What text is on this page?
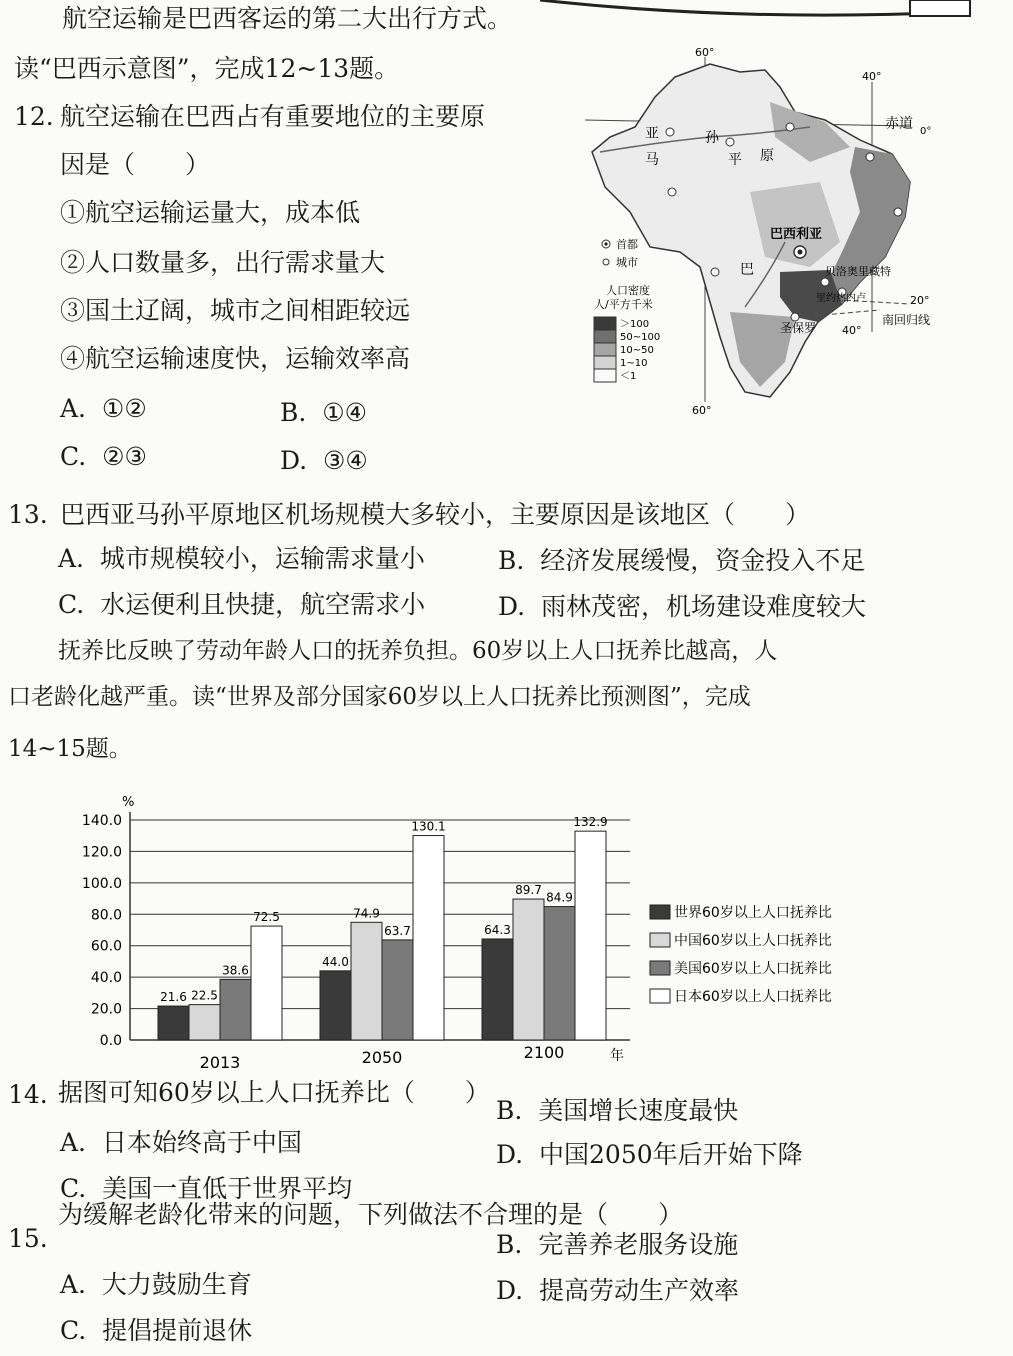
航空运输是巴西客运的第二大出行方式。
读“巴西示意图”，完成12~13题。
12. 航空运输在巴西占有重要地位的主要原
因是（　　）
①航空运输运量大，成本低
②人口数量多，出行需求量大
③国土辽阔，城市之间相距较远
④航空运输速度快，运输效率高
A. ①②	B. ①④
C. ②③	D. ③④
60°
40°
赤道 0°
亚
马
孙
平 原
巴西利亚
巴	贝洛奥里藏特
里约热内卢
圣保罗
20°
南回归线
40°
60°
首都
城市
人口密度
人/平方千米
＞100
50~100
10~50
1~10
＜1
13. 巴西亚马孙平原地区机场规模大多较小，主要原因是该地区（　　）
A. 城市规模较小，运输需求量小	B. 经济发展缓慢，资金投入不足
C. 水运便利且快捷，航空需求小	D. 雨林茂密，机场建设难度较大
抚养比反映了劳动年龄人口的抚养负担。60岁以上人口抚养比越高，人
口老龄化越严重。读“世界及部分国家60岁以上人口抚养比预测图”，完成
14~15题。
0.0
20.0
40.0
60.0
80.0
100.0
120.0
140.0
%
年
21.6 22.5
38.6
72.5
2013
44.0
74.9
63.7
130.1
2050
64.3
89.7
84.9
132.9
2100
世界60岁以上人口抚养比
中国60岁以上人口抚养比
美国60岁以上人口抚养比
日本60岁以上人口抚养比
14. 据图可知60岁以上人口抚养比（　　）
A. 日本始终高于中国
B. 美国增长速度最快
C. 美国一直低于世界平均
D. 中国2050年后开始下降
15.
为缓解老龄化带来的问题，下列做法不合理的是（　　）
A. 大力鼓励生育
B. 完善养老服务设施
C. 提倡提前退休
D. 提高劳动生产效率
